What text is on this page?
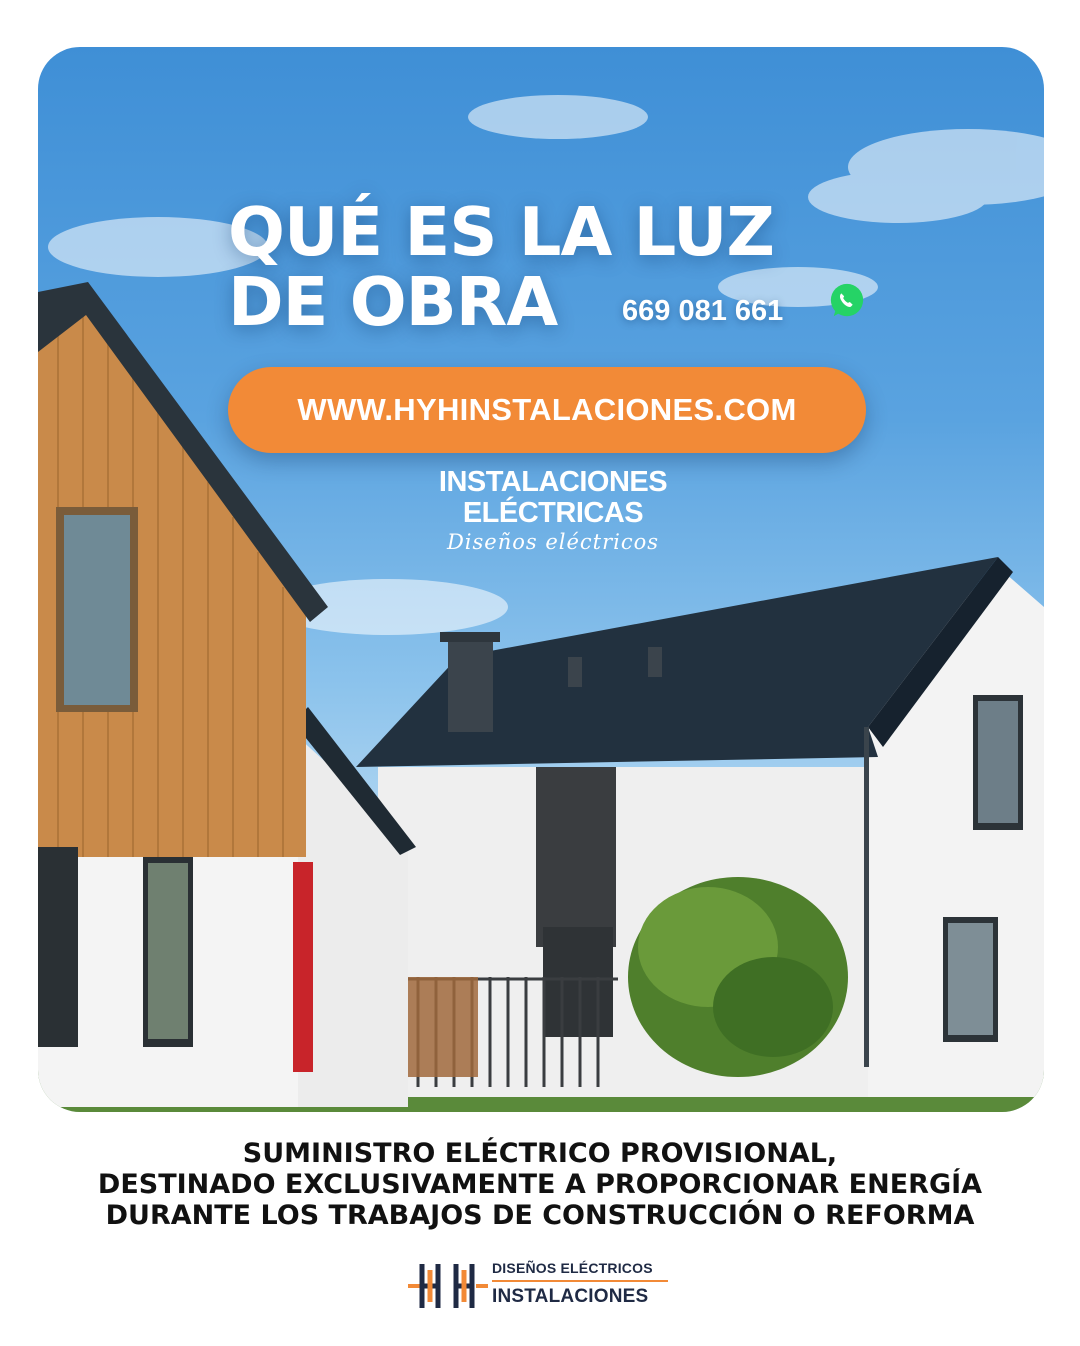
QUÉ ES LA LUZ
DE OBRA	669 081 661
WWW.HYHINSTALACIONES.COM
INSTALACIONES
ELÉCTRICAS
Diseños eléctricos

SUMINISTRO ELÉCTRICO PROVISIONAL,
DESTINADO EXCLUSIVAMENTE A PROPORCIONAR ENERGÍA
DURANTE LOS TRABAJOS DE CONSTRUCCIÓN O REFORMA

DISEÑOS ELÉCTRICOS
INSTALACIONES
